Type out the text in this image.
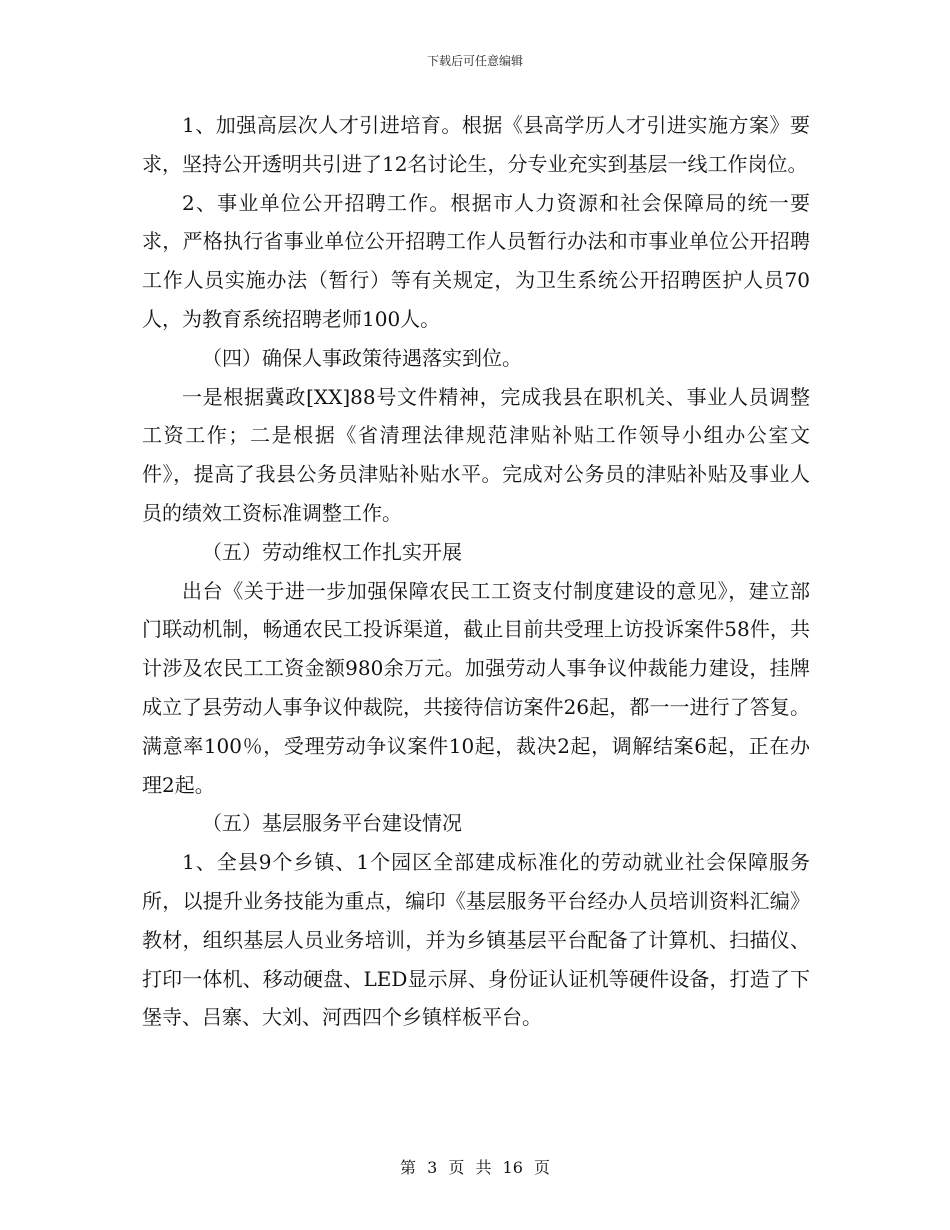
下载后可任意编辑

1、加强高层次人才引进培育。根据《县高学历人才引进实施方案》要求，坚持公开透明共引进了12名讨论生，分专业充实到基层一线工作岗位。

2、事业单位公开招聘工作。根据市人力资源和社会保障局的统一要求，严格执行省事业单位公开招聘工作人员暂行办法和市事业单位公开招聘工作人员实施办法（暂行）等有关规定，为卫生系统公开招聘医护人员70人，为教育系统招聘老师100人。

（四）确保人事政策待遇落实到位。

一是根据冀政[XX]88号文件精神，完成我县在职机关、事业人员调整工资工作；二是根据《省清理法律规范津贴补贴工作领导小组办公室文件》，提高了我县公务员津贴补贴水平。完成对公务员的津贴补贴及事业人员的绩效工资标准调整工作。

（五）劳动维权工作扎实开展

出台《关于进一步加强保障农民工工资支付制度建设的意见》，建立部门联动机制，畅通农民工投诉渠道，截止目前共受理上访投诉案件58件，共计涉及农民工工资金额980余万元。加强劳动人事争议仲裁能力建设，挂牌成立了县劳动人事争议仲裁院，共接待信访案件26起，都一一进行了答复。满意率100％，受理劳动争议案件10起，裁决2起，调解结案6起，正在办理2起。

（五）基层服务平台建设情况

1、全县9个乡镇、1个园区全部建成标准化的劳动就业社会保障服务所，以提升业务技能为重点，编印《基层服务平台经办人员培训资料汇编》教材，组织基层人员业务培训，并为乡镇基层平台配备了计算机、扫描仪、打印一体机、移动硬盘、LED显示屏、身份证认证机等硬件设备，打造了下堡寺、吕寨、大刘、河西四个乡镇样板平台。

第 3 页 共 16 页
